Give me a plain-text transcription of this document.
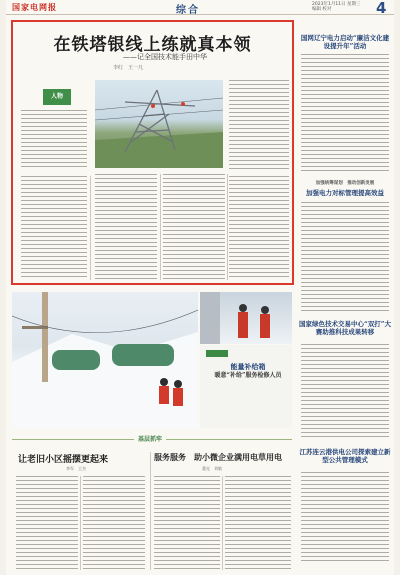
国家电网报	综合
2023年1月11日 星期三
编辑 校对	4
在铁塔银线上练就真本领
——记全国技术能手田中华
李红　王一凡
人物
国网辽宁电力启动“廉洁文化建设提升年”活动
加强统筹谋划　推动创新发展
加强电力对标管理提高效益
国家绿色技术交易中心“双打”大赛助推科技成果转移
江苏连云港供电公司探索建立新型公共管理模式
能量补给箱
暖意“补给”服务检修人员
基层抓牢
让老旧小区摇摆更起来
李军　王杰
服务服务　助小微企业满用电草用电
董光　刘敏
